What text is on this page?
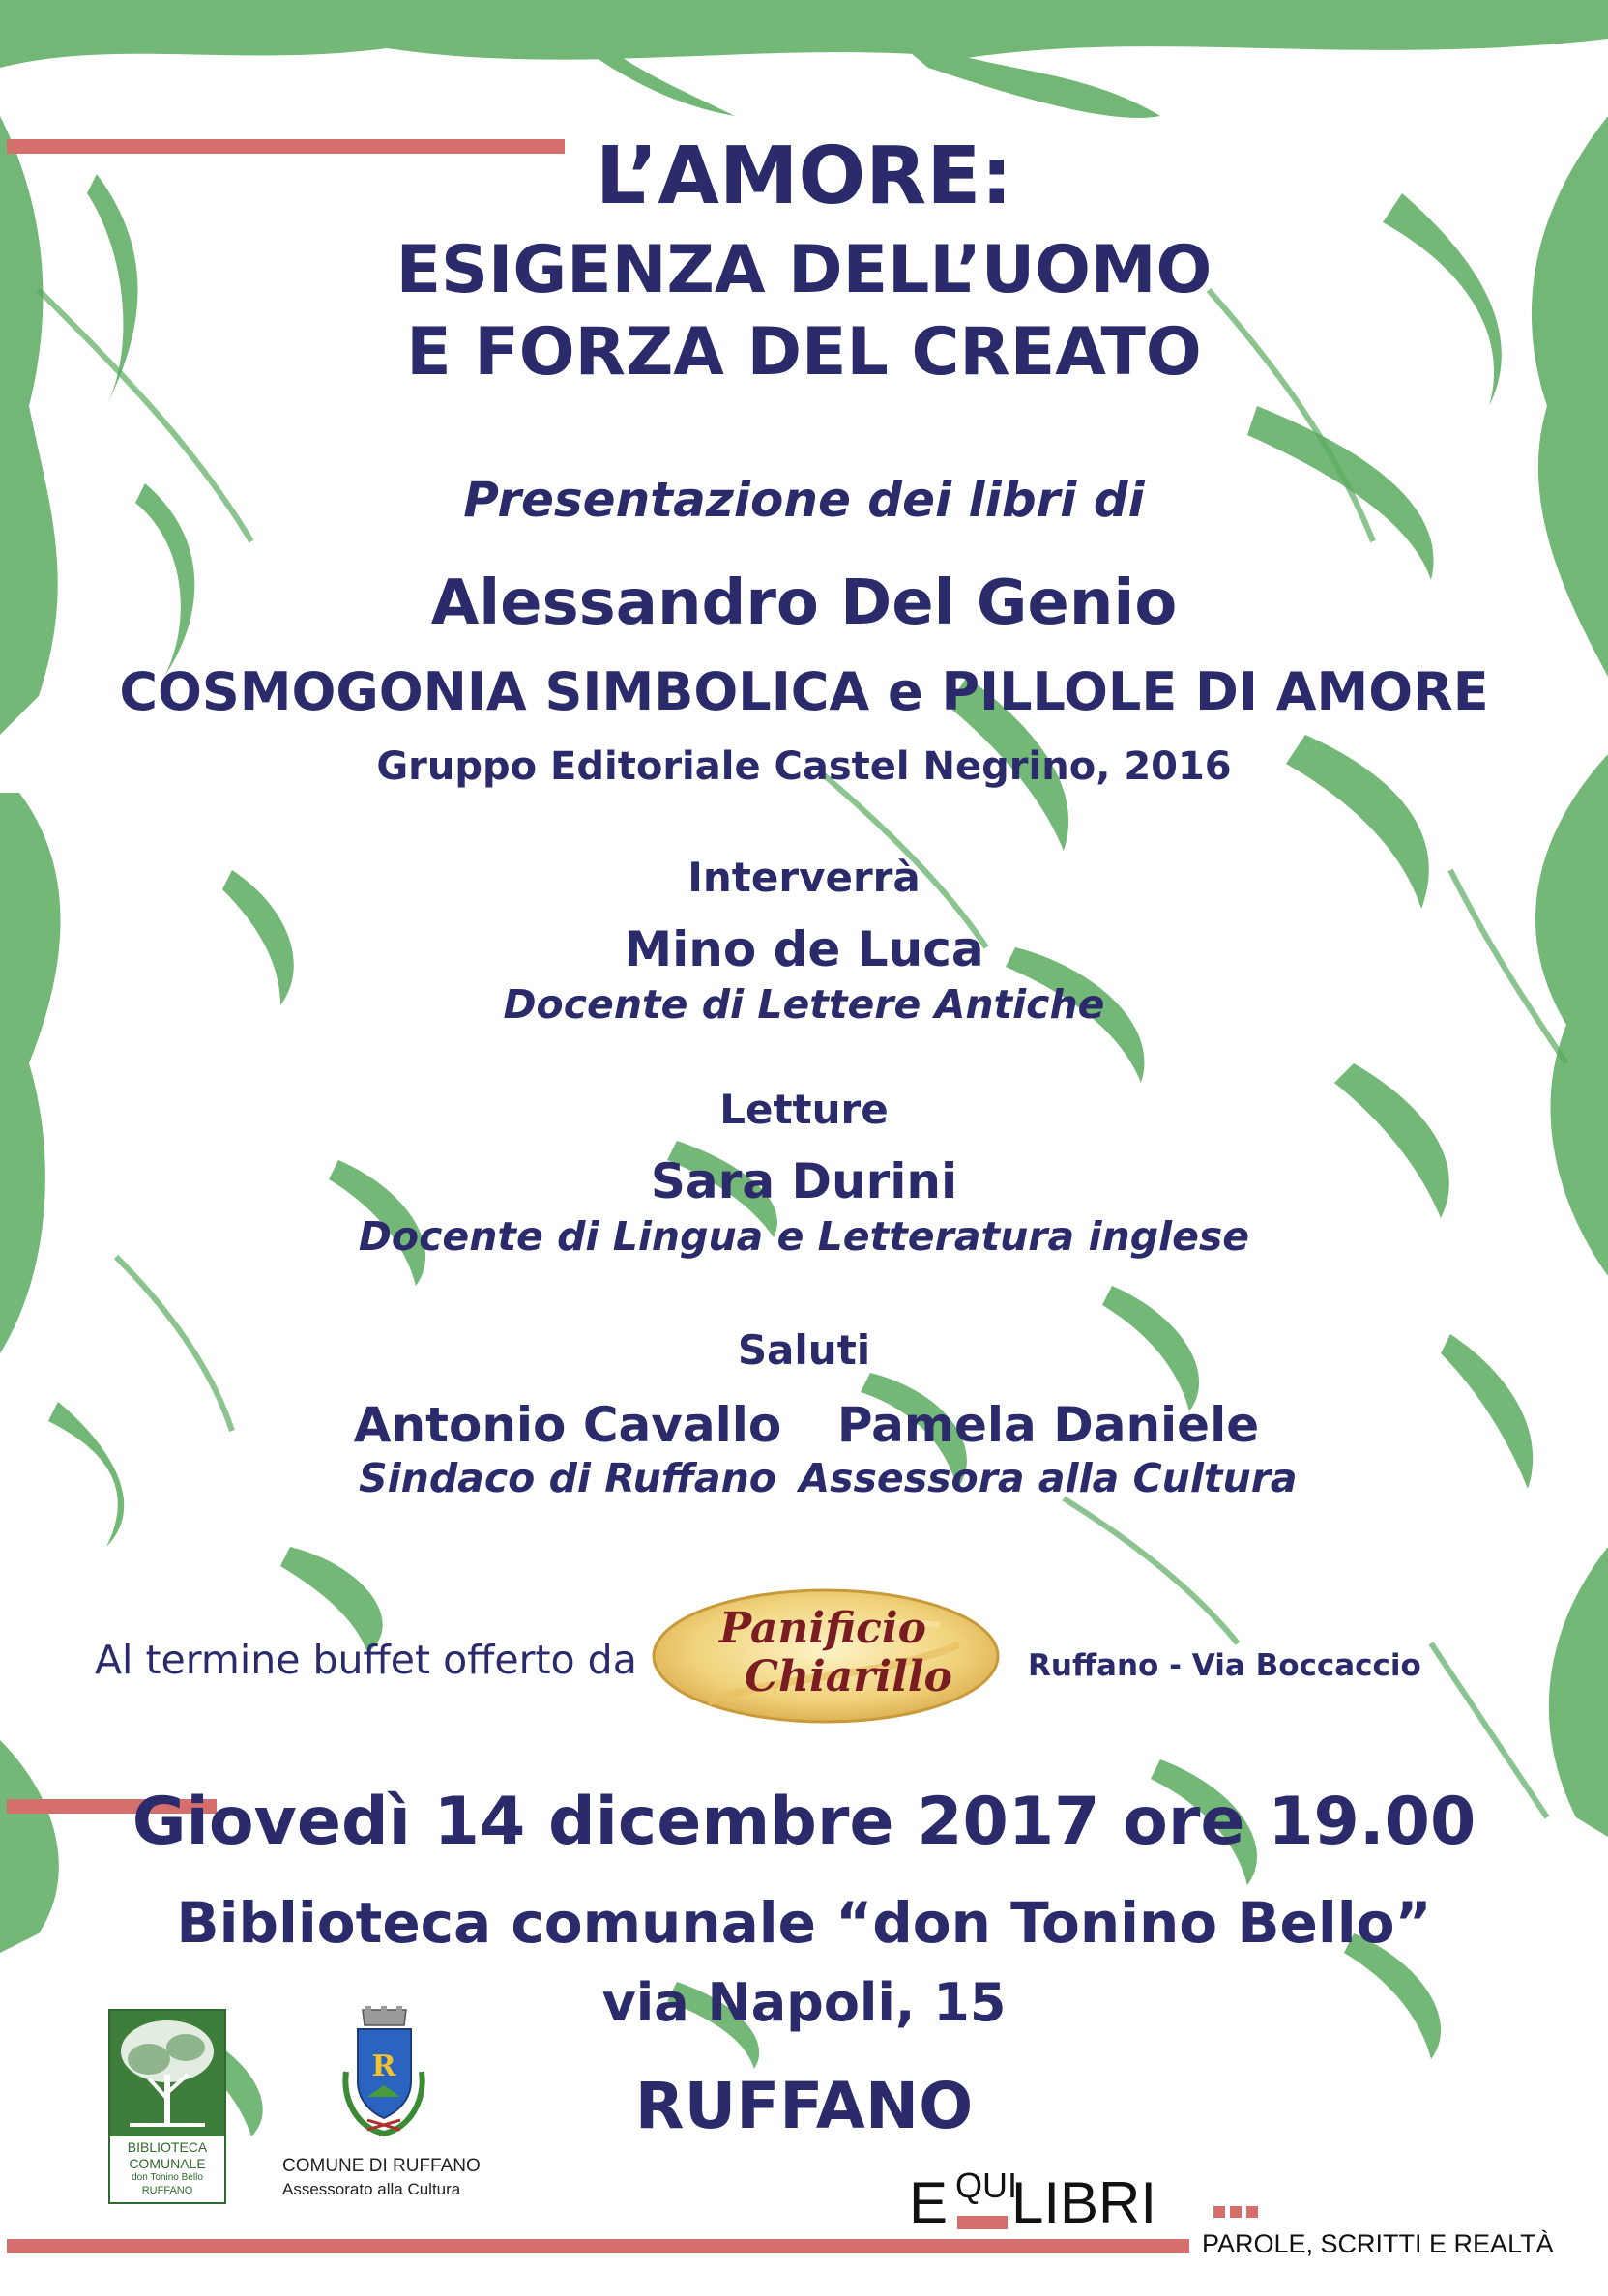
L’AMORE:
ESIGENZA DELL’UOMO
E FORZA DEL CREATO
Presentazione dei libri di
Alessandro Del Genio
COSMOGONIA SIMBOLICA e PILLOLE DI AMORE
Gruppo Editoriale Castel Negrino, 2016
Interverrà
Mino de Luca
Docente di Lettere Antiche
Letture
Sara Durini
Docente di Lingua e Letteratura inglese
Saluti
Antonio Cavallo
Sindaco di Ruffano
Pamela Daniele
Assessora alla Cultura
Al termine buffet offerto da
Panificio
Chiarillo	Ruffano - Via Boccaccio
Giovedì 14 dicembre 2017 ore 19.00
Biblioteca comunale “don Tonino Bello”
via Napoli, 15
RUFFANO
BIBLIOTECA
COMUNALE
don Tonino Bello
RUFFANO
R
COMUNE DI RUFFANO
Assessorato alla Cultura	E QUI
LIBRI
PAROLE, SCRITTI E REALTÀ
